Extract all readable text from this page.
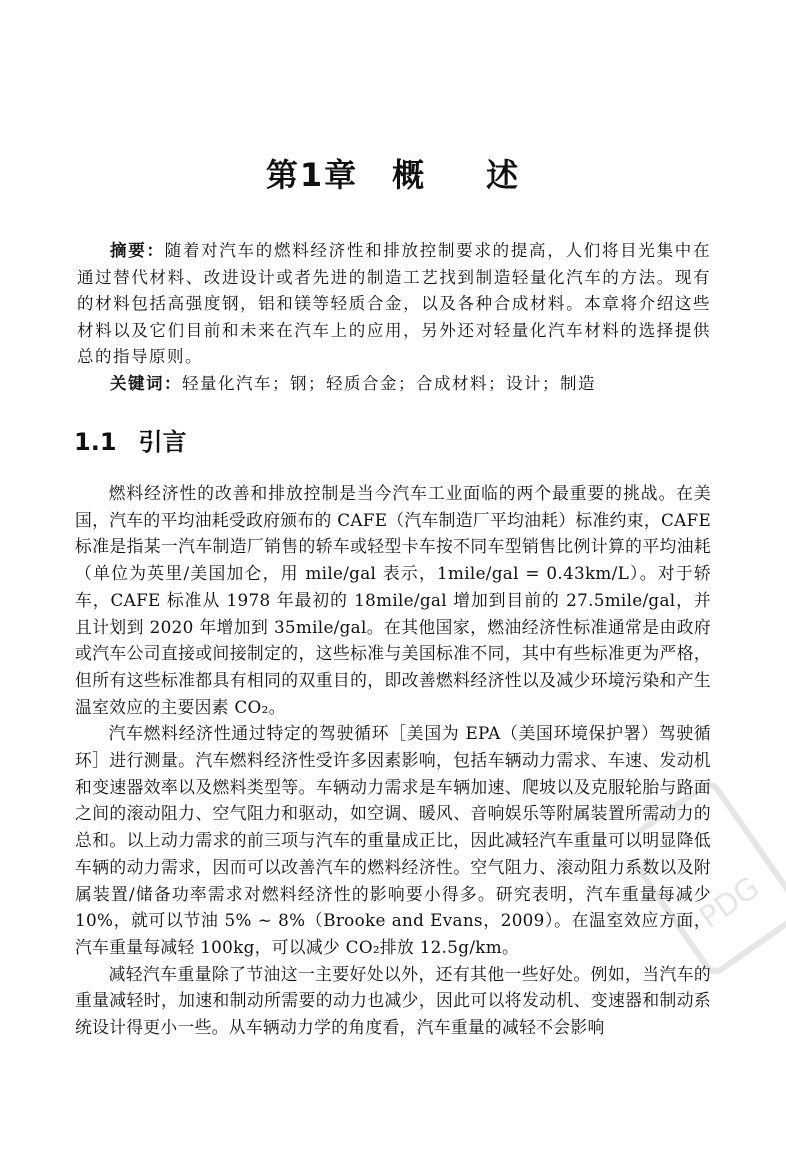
第1章　概 述

摘要：随着对汽车的燃料经济性和排放控制要求的提高，人们将目光集中在通过替代材料、改进设计或者先进的制造工艺找到制造轻量化汽车的方法。现有的材料包括高强度钢，铝和镁等轻质合金，以及各种合成材料。本章将介绍这些材料以及它们目前和未来在汽车上的应用，另外还对轻量化汽车材料的选择提供总的指导原则。

关键词：轻量化汽车；钢；轻质合金；合成材料；设计；制造

1.1 引言

燃料经济性的改善和排放控制是当今汽车工业面临的两个最重要的挑战。在美国，汽车的平均油耗受政府颁布的 CAFE（汽车制造厂平均油耗）标准约束，CAFE 标准是指某一汽车制造厂销售的轿车或轻型卡车按不同车型销售比例计算的平均油耗（单位为英里/美国加仑，用 mile/gal 表示，1mile/gal = 0.43km/L）。对于轿车，CAFE 标准从 1978 年最初的 18mile/gal 增加到目前的 27.5mile/gal，并且计划到 2020 年增加到 35mile/gal。在其他国家，燃油经济性标准通常是由政府或汽车公司直接或间接制定的，这些标准与美国标准不同，其中有些标准更为严格，但所有这些标准都具有相同的双重目的，即改善燃料经济性以及减少环境污染和产生温室效应的主要因素 CO₂。

汽车燃料经济性通过特定的驾驶循环［美国为 EPA（美国环境保护署）驾驶循环］进行测量。汽车燃料经济性受许多因素影响，包括车辆动力需求、车速、发动机和变速器效率以及燃料类型等。车辆动力需求是车辆加速、爬坡以及克服轮胎与路面之间的滚动阻力、空气阻力和驱动，如空调、暖风、音响娱乐等附属装置所需动力的总和。以上动力需求的前三项与汽车的重量成正比，因此减轻汽车重量可以明显降低车辆的动力需求，因而可以改善汽车的燃料经济性。空气阻力、滚动阻力系数以及附属装置/储备功率需求对燃料经济性的影响要小得多。研究表明，汽车重量每减少 10%，就可以节油 5% ~ 8%（Brooke and Evans，2009）。在温室效应方面，汽车重量每减轻 100kg，可以减少 CO₂排放 12.5g/km。

减轻汽车重量除了节油这一主要好处以外，还有其他一些好处。例如，当汽车的重量减轻时，加速和制动所需要的动力也减少，因此可以将发动机、变速器和制动系统设计得更小一些。从车辆动力学的角度看，汽车重量的减轻不会影响

PDG
